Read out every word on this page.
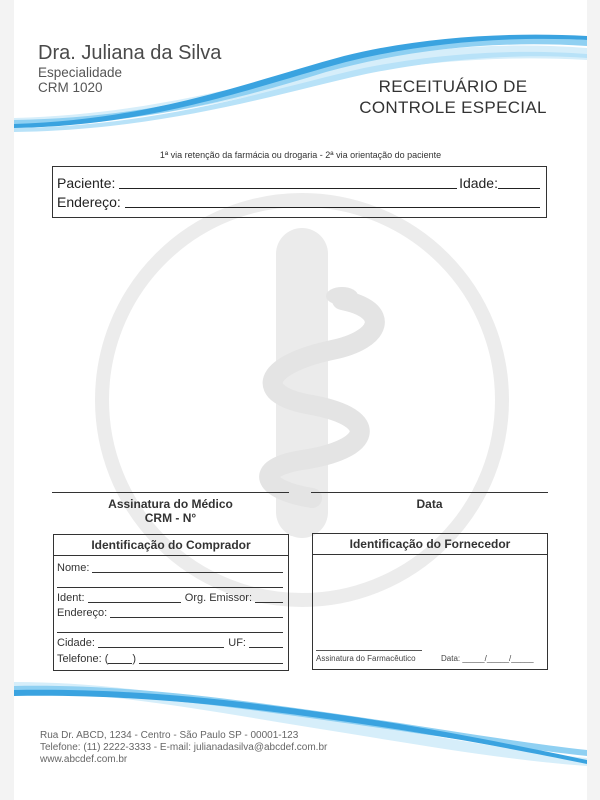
Dra. Juliana da Silva
Especialidade
CRM 1020	RECEITUÁRIO DE
CONTROLE ESPECIAL
1ª via retenção da farmácia ou drogaria - 2ª via orientação do paciente
Paciente:	Idade:
Endereço:
Assinatura do Médico
CRM - N°
Data
Identificação do Comprador
Nome:
Ident:	Org. Emissor:
Endereço:
Cidade:	UF:
Telefone: ( )
Identificação do Fornecedor
Assinatura do Farmacêutico	Data: _____/_____/_____
Rua Dr. ABCD, 1234 - Centro - São Paulo SP - 00001-123
Telefone: (11) 2222-3333 - E-mail: julianadasilva@abcdef.com.br
www.abcdef.com.br
